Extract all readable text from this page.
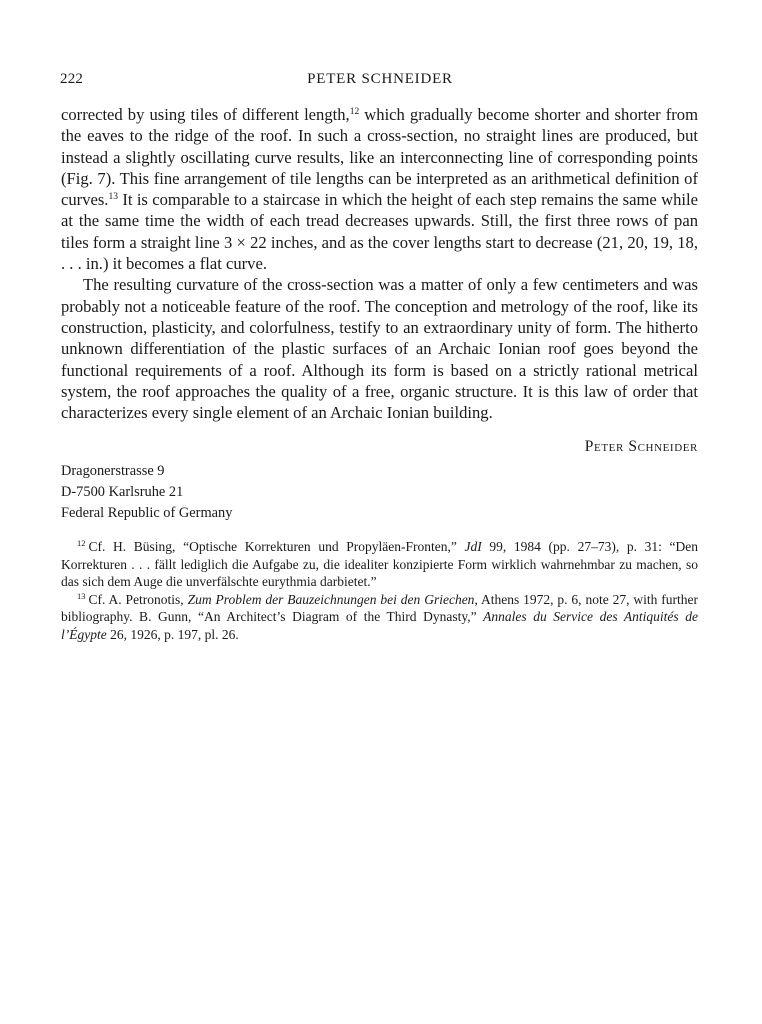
222	PETER SCHNEIDER

corrected by using tiles of different length,$^{12}$ which gradually become shorter and shorter from the eaves to the ridge of the roof. In such a cross-section, no straight lines are produced, but instead a slightly oscillating curve results, like an interconnecting line of corresponding points (Fig. 7). This fine arrangement of tile lengths can be interpreted as an arithmetical definition of curves.$^{13}$ It is comparable to a staircase in which the height of each step remains the same while at the same time the width of each tread decreases upwards. Still, the first three rows of pan tiles form a straight line 3 × 22 inches, and as the cover lengths start to decrease (21, 20, 19, 18, . . . in.) it becomes a flat curve.

The resulting curvature of the cross-section was a matter of only a few centimeters and was probably not a noticeable feature of the roof. The conception and metrology of the roof, like its construction, plasticity, and colorfulness, testify to an extraordinary unity of form. The hitherto unknown differentiation of the plastic surfaces of an Archaic Ionian roof goes beyond the functional requirements of a roof. Although its form is based on a strictly rational metrical system, the roof approaches the quality of a free, organic structure. It is this law of order that characterizes every single element of an Archaic Ionian building.

Peter Schneider
Dragonerstrasse 9
D-7500 Karlsruhe 21
Federal Republic of Germany

$^{12}$ Cf. H. Büsing, “Optische Korrekturen und Propyläen-Fronten,” JdI 99, 1984 (pp. 27–73), p. 31: “Den Korrekturen . . . fällt lediglich die Aufgabe zu, die idealiter konzipierte Form wirklich wahrnehmbar zu machen, so das sich dem Auge die unverfälschte eurythmia darbietet.”

$^{13}$ Cf. A. Petronotis, Zum Problem der Bauzeichnungen bei den Griechen, Athens 1972, p. 6, note 27, with further bibliography. B. Gunn, “An Architect’s Diagram of the Third Dynasty,” Annales du Service des Antiquités de l’Égypte 26, 1926, p. 197, pl. 26.
